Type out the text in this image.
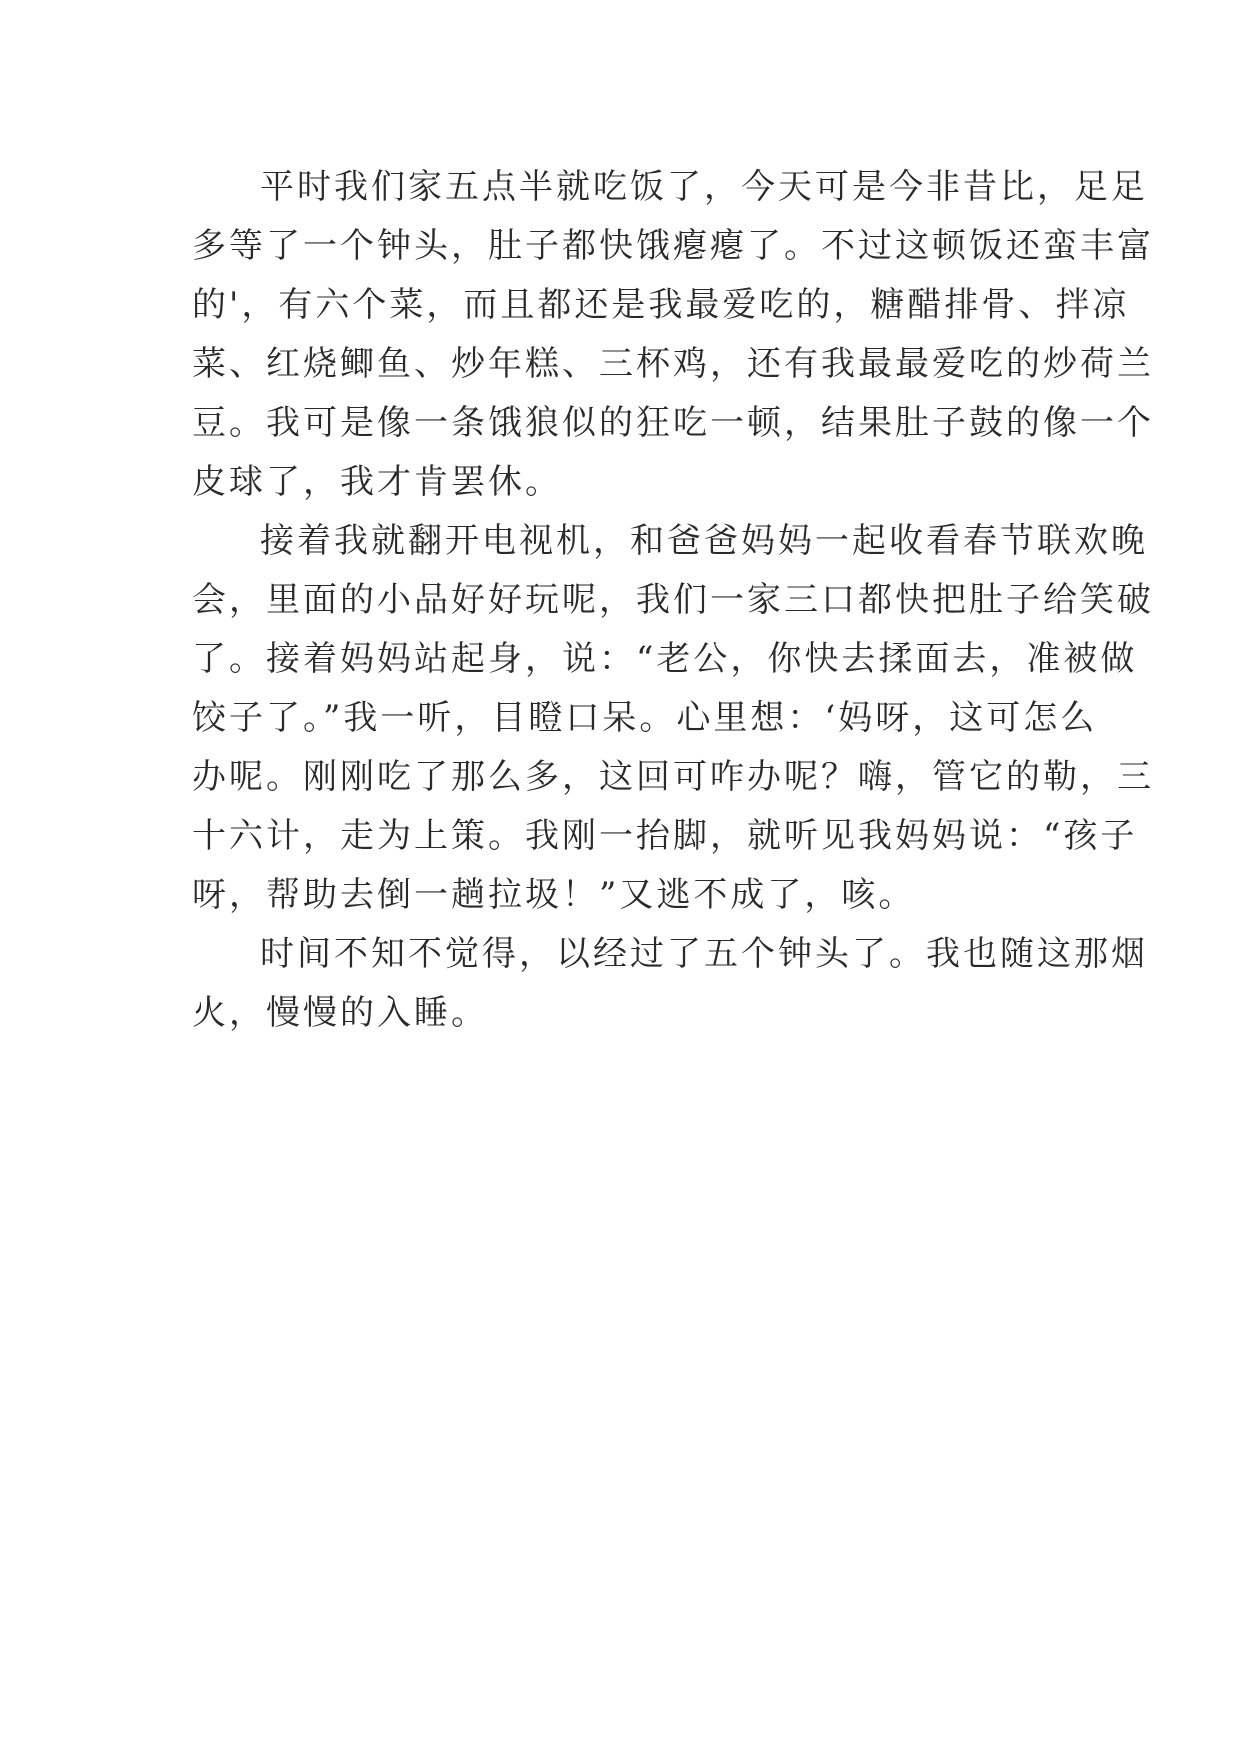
平时我们家五点半就吃饭了，今天可是今非昔比，足足
多等了一个钟头，肚子都快饿瘪瘪了。不过这顿饭还蛮丰富
的'，有六个菜，而且都还是我最爱吃的，糖醋排骨、拌凉
菜、红烧鲫鱼、炒年糕、三杯鸡，还有我最最爱吃的炒荷兰
豆。我可是像一条饿狼似的狂吃一顿，结果肚子鼓的像一个
皮球了，我才肯罢休。
接着我就翻开电视机，和爸爸妈妈一起收看春节联欢晚
会，里面的小品好好玩呢，我们一家三口都快把肚子给笑破
了。接着妈妈站起身，说：“老公，你快去揉面去，准被做
饺子了。”我一听，目瞪口呆。心里想：‘妈呀，这可怎么
办呢。刚刚吃了那么多，这回可咋办呢？嗨，管它的勒，三
十六计，走为上策。我刚一抬脚，就听见我妈妈说：“孩子
呀，帮助去倒一趟拉圾！”又逃不成了，咳。
时间不知不觉得，以经过了五个钟头了。我也随这那烟
火，慢慢的入睡。
